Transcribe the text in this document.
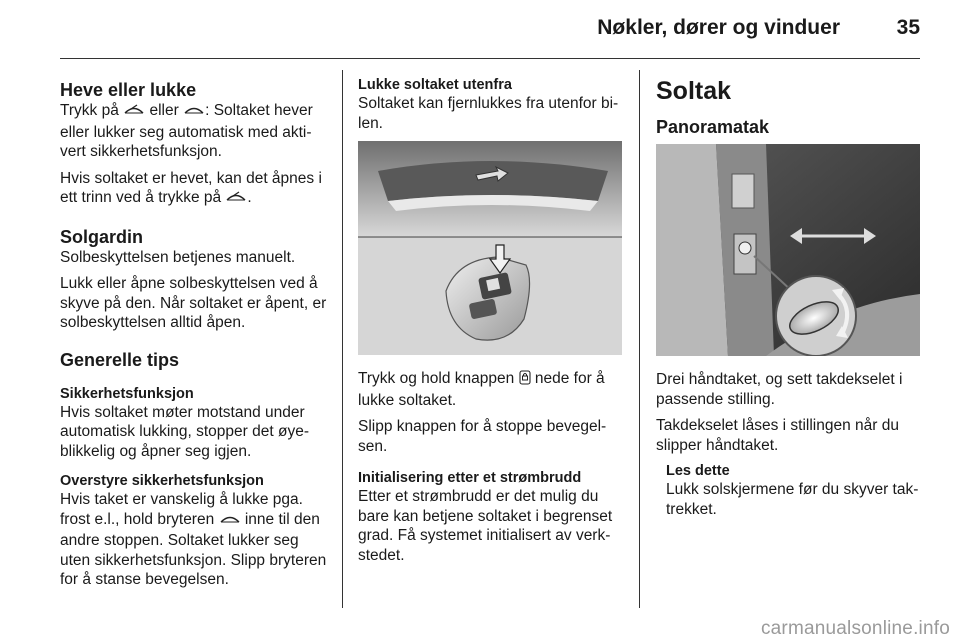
Nøkler, dører og vinduer	35
Heve eller lukke

Trykk på  eller : Soltaket hever eller lukker seg automatisk med aktivert sikkerhetsfunksjon.

Hvis soltaket er hevet, kan det åpnes i ett trinn ved å trykke på .

Solgardin

Solbeskyttelsen betjenes manuelt.

Lukk eller åpne solbeskyttelsen ved å skyve på den. Når soltaket er åpent, er solbeskyttelsen alltid åpen.

Generelle tips

Sikkerhetsfunksjon

Hvis soltaket møter motstand under automatisk lukking, stopper det øyeblikkelig og åpner seg igjen.

Overstyre sikkerhetsfunksjon

Hvis taket er vanskelig å lukke pga. frost e.l., hold bryteren  inne til den andre stoppen. Soltaket lukker seg uten sikkerhetsfunksjon. Slipp bryteren for å stanse bevegelsen.

Lukke soltaket utenfra

Soltaket kan fjernlukkes fra utenfor bilen.

Trykk og hold knappen  nede for å lukke soltaket.

Slipp knappen for å stoppe bevegelsen.

Initialisering etter et strømbrudd

Etter et strømbrudd er det mulig du bare kan betjene soltaket i begrenset grad. Få systemet initialisert av verkstedet.

Soltak
Panoramatak

Drei håndtaket, og sett takdekselet i passende stilling.

Takdekselet låses i stillingen når du slipper håndtaket.

Les dette

Lukk solskjermene før du skyver taktrekket.

carmanualsonline.info
